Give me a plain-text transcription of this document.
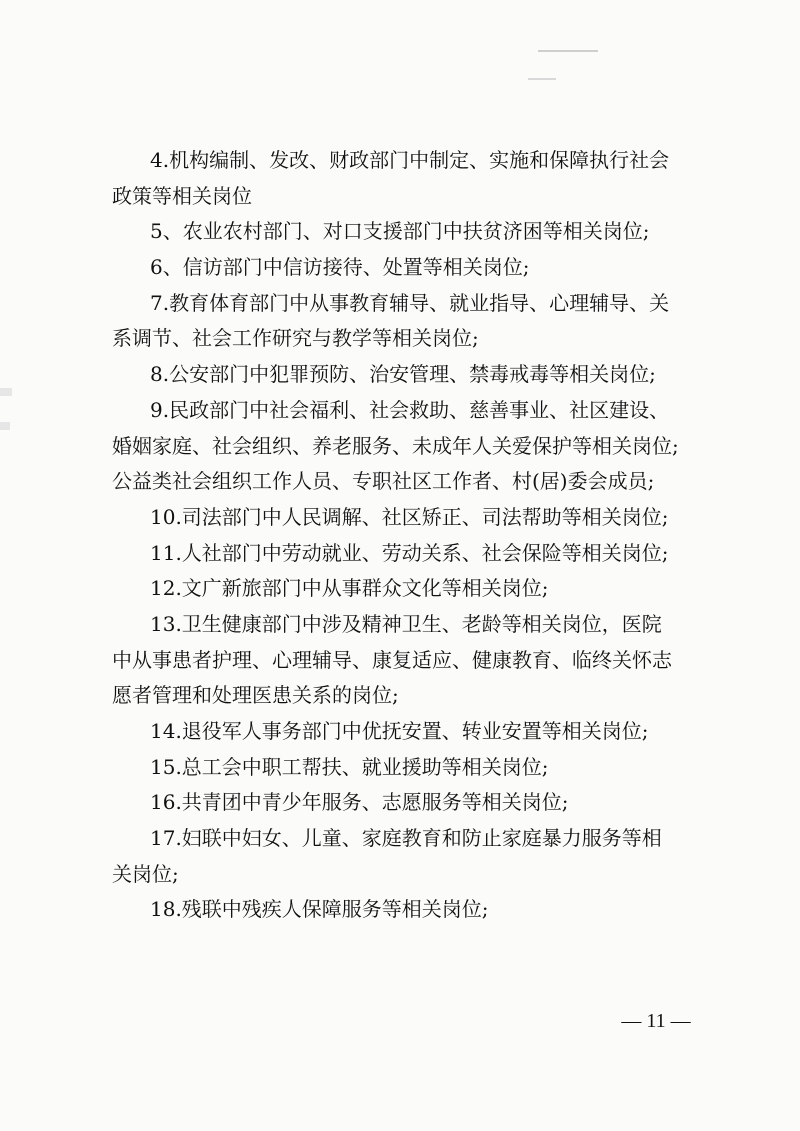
4.机构编制、发改、财政部门中制定、实施和保障执行社会
政策等相关岗位
5、农业农村部门、对口支援部门中扶贫济困等相关岗位;
6、信访部门中信访接待、处置等相关岗位;
7.教育体育部门中从事教育辅导、就业指导、心理辅导、关
系调节、社会工作研究与教学等相关岗位;
8.公安部门中犯罪预防、治安管理、禁毒戒毒等相关岗位;
9.民政部门中社会福利、社会救助、慈善事业、社区建设、
婚姻家庭、社会组织、养老服务、未成年人关爱保护等相关岗位;
公益类社会组织工作人员、专职社区工作者、村(居)委会成员;
10.司法部门中人民调解、社区矫正、司法帮助等相关岗位;
11.人社部门中劳动就业、劳动关系、社会保险等相关岗位;
12.文广新旅部门中从事群众文化等相关岗位;
13.卫生健康部门中涉及精神卫生、老龄等相关岗位，医院
中从事患者护理、心理辅导、康复适应、健康教育、临终关怀志
愿者管理和处理医患关系的岗位;
14.退役军人事务部门中优抚安置、转业安置等相关岗位;
15.总工会中职工帮扶、就业援助等相关岗位;
16.共青团中青少年服务、志愿服务等相关岗位;
17.妇联中妇女、儿童、家庭教育和防止家庭暴力服务等相
关岗位;
18.残联中残疾人保障服务等相关岗位;
— 11 —
